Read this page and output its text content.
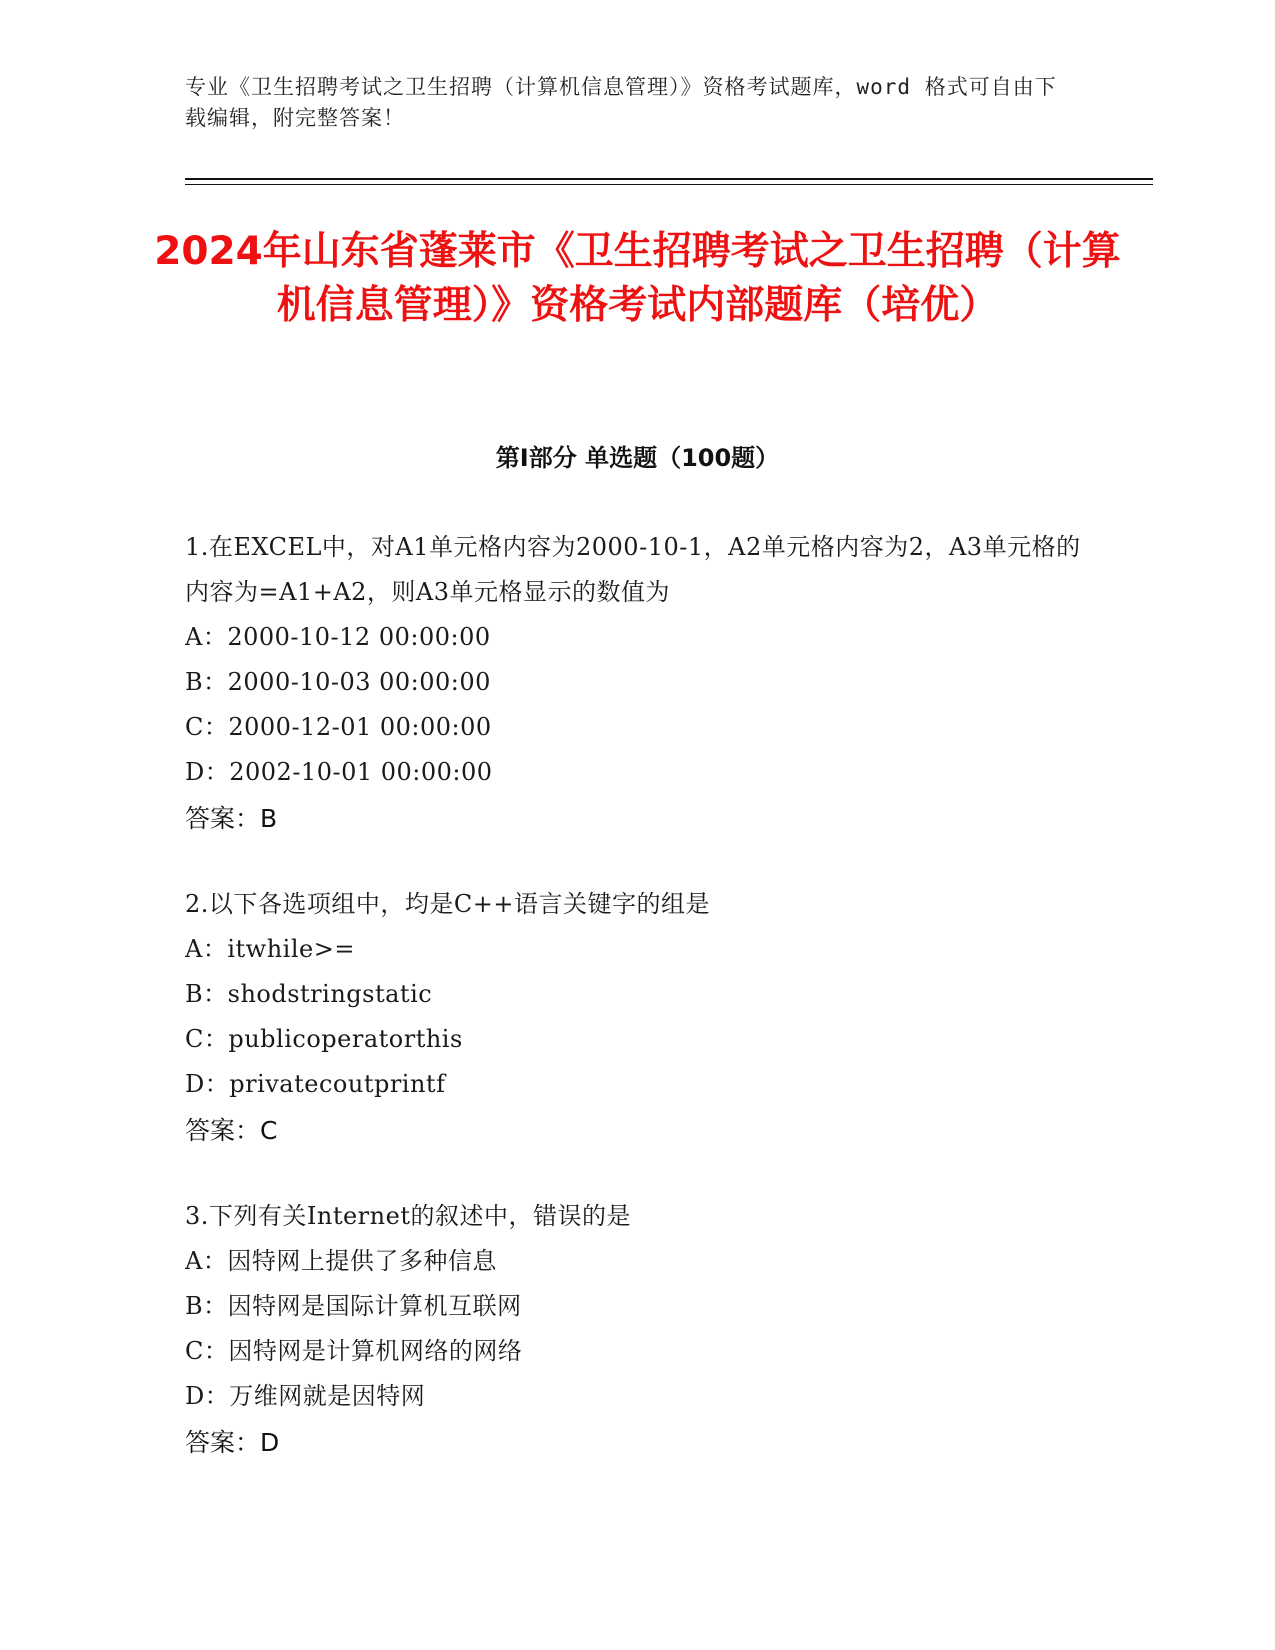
专业《卫生招聘考试之卫生招聘（计算机信息管理）》资格考试题库，word 格式可自由下载编辑，附完整答案！
2024年山东省蓬莱市《卫生招聘考试之卫生招聘（计算机信息管理）》资格考试内部题库（培优）
第Ⅰ部分 单选题（100题）
1.在EXCEL中，对A1单元格内容为2000-10-1，A2单元格内容为2，A3单元格的内容为=A1+A2，则A3单元格显示的数值为
A：2000-10-12 00:00:00
B：2000-10-03 00:00:00
C：2000-12-01 00:00:00
D：2002-10-01 00:00:00
答案：B
2.以下各选项组中，均是C++语言关键字的组是
A：itwhile>=
B：shodstringstatic
C：publicoperatorthis
D：privatecoutprintf
答案：C
3.下列有关Internet的叙述中，错误的是
A：因特网上提供了多种信息
B：因特网是国际计算机互联网
C：因特网是计算机网络的网络
D：万维网就是因特网
答案：D
